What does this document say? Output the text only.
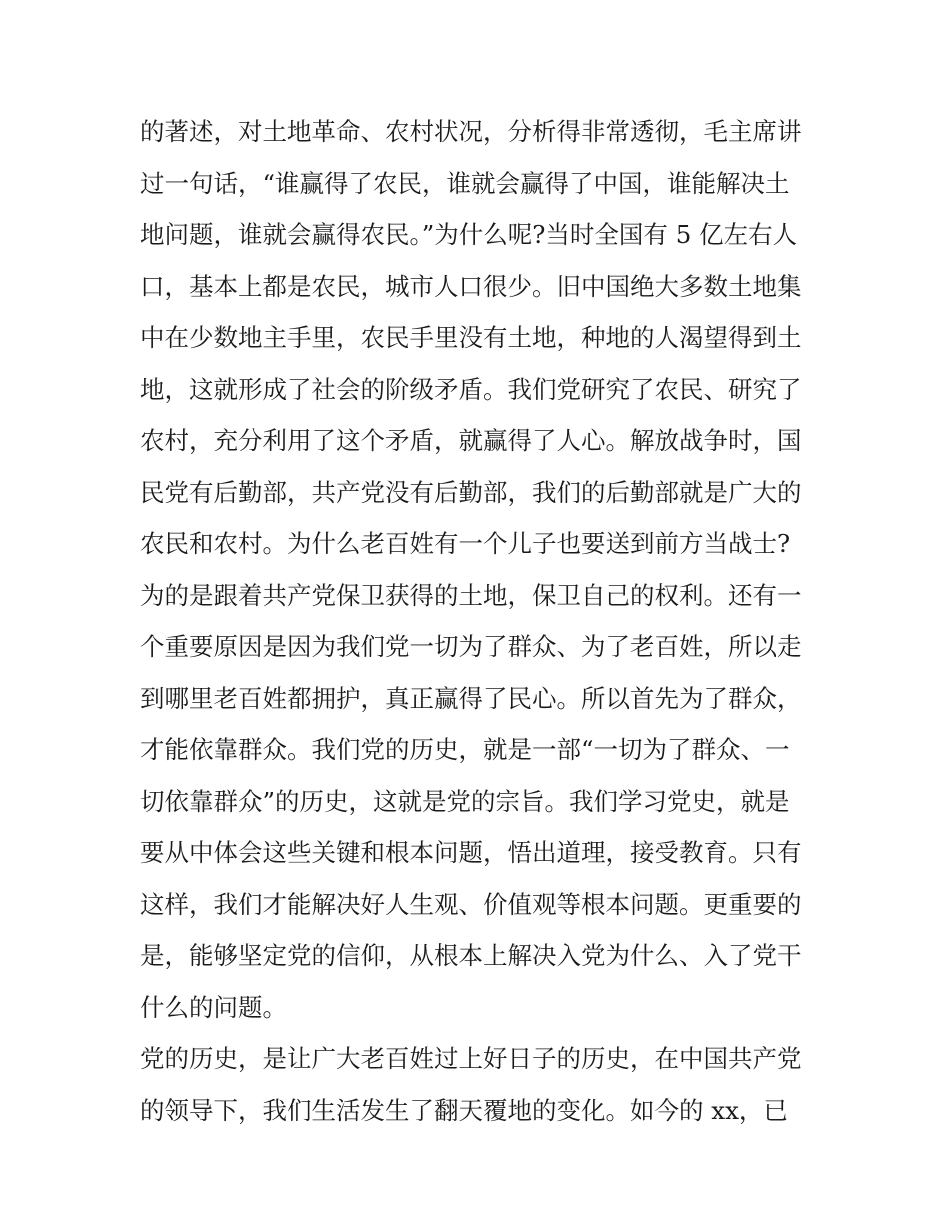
的著述，对土地革命、农村状况，分析得非常透彻，毛主席讲
过一句话，“谁赢得了农民，谁就会赢得了中国，谁能解决土
地问题，谁就会赢得农民。”为什么呢?当时全国有 5 亿左右人
口，基本上都是农民，城市人口很少。旧中国绝大多数土地集
中在少数地主手里，农民手里没有土地，种地的人渴望得到土
地，这就形成了社会的阶级矛盾。我们党研究了农民、研究了
农村，充分利用了这个矛盾，就赢得了人心。解放战争时，国
民党有后勤部，共产党没有后勤部，我们的后勤部就是广大的
农民和农村。为什么老百姓有一个儿子也要送到前方当战士?
为的是跟着共产党保卫获得的土地，保卫自己的权利。还有一
个重要原因是因为我们党一切为了群众、为了老百姓，所以走
到哪里老百姓都拥护，真正赢得了民心。所以首先为了群众，
才能依靠群众。我们党的历史，就是一部“一切为了群众、一
切依靠群众”的历史，这就是党的宗旨。我们学习党史，就是
要从中体会这些关键和根本问题，悟出道理，接受教育。只有
这样，我们才能解决好人生观、价值观等根本问题。更重要的
是，能够坚定党的信仰，从根本上解决入党为什么、入了党干
什么的问题。
党的历史，是让广大老百姓过上好日子的历史，在中国共产党
的领导下，我们生活发生了翻天覆地的变化。如今的 xx，已
